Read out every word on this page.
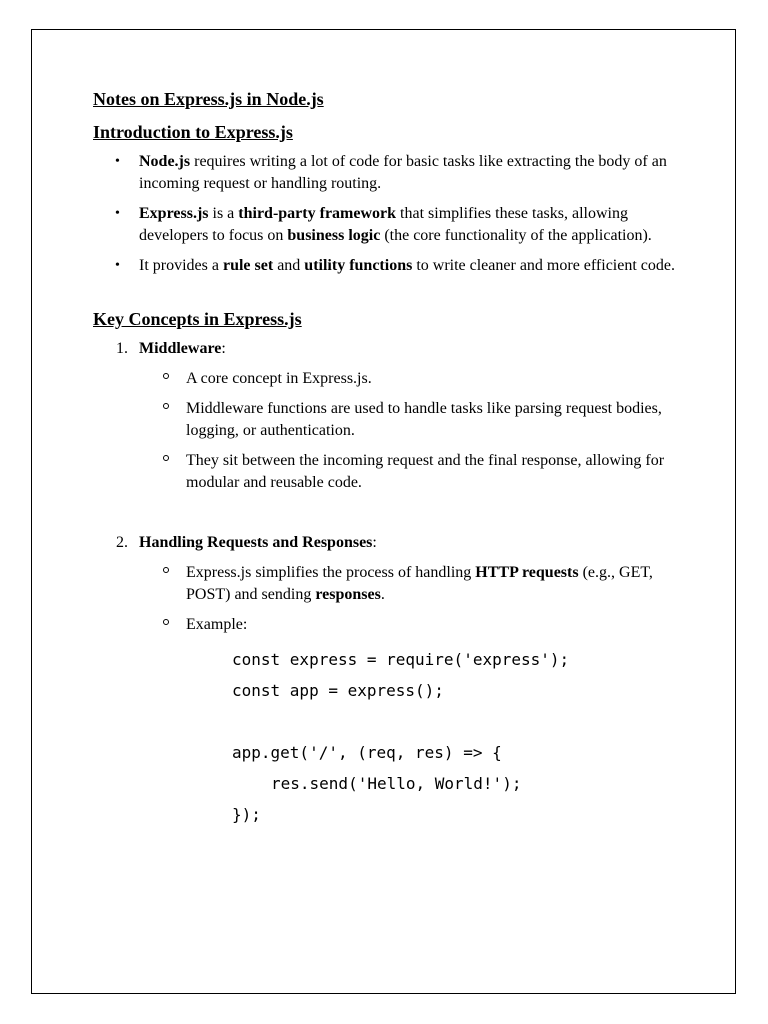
Notes on Express.js in Node.js
Introduction to Express.js
• Node.js requires writing a lot of code for basic tasks like extracting the body of an incoming request or handling routing.
• Express.js is a third-party framework that simplifies these tasks, allowing developers to focus on business logic (the core functionality of the application).
• It provides a rule set and utility functions to write cleaner and more efficient code.
Key Concepts in Express.js
1. Middleware:
A core concept in Express.js.
Middleware functions are used to handle tasks like parsing request bodies, logging, or authentication.
They sit between the incoming request and the final response, allowing for modular and reusable code.
2. Handling Requests and Responses:
Express.js simplifies the process of handling HTTP requests (e.g., GET, POST) and sending responses.
Example:
const express = require('express');
const app = express();
app.get('/', (req, res) => {
res.send('Hello, World!');
});
